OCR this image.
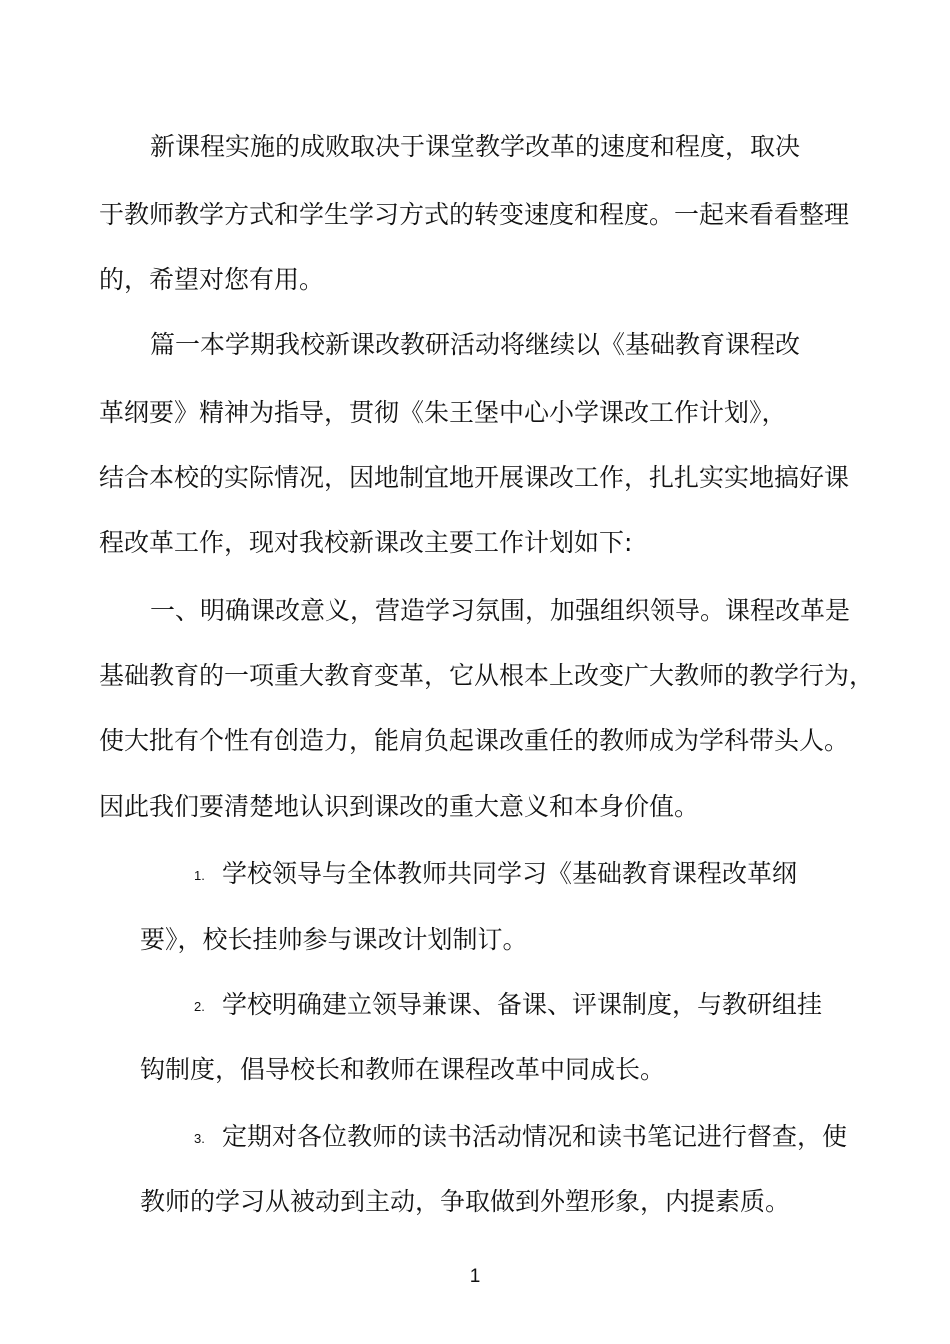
新课程实施的成败取决于课堂教学改革的速度和程度，取决
于教师教学方式和学生学习方式的转变速度和程度。一起来看看整理
的，希望对您有用。
篇一本学期我校新课改教研活动将继续以《基础教育课程改
革纲要》精神为指导，贯彻《朱王堡中心小学课改工作计划》，
结合本校的实际情况，因地制宜地开展课改工作，扎扎实实地搞好课
程改革工作，现对我校新课改主要工作计划如下:
一、明确课改意义，营造学习氛围，加强组织领导。课程改革是
基础教育的一项重大教育变革，它从根本上改变广大教师的教学行为，
使大批有个性有创造力，能肩负起课改重任的教师成为学科带头人。
因此我们要清楚地认识到课改的重大意义和本身价值。
1. 学校领导与全体教师共同学习《基础教育课程改革纲
要》，校长挂帅参与课改计划制订。
2. 学校明确建立领导兼课、备课、评课制度，与教研组挂
钩制度，倡导校长和教师在课程改革中同成长。
3. 定期对各位教师的读书活动情况和读书笔记进行督查，使
教师的学习从被动到主动，争取做到外塑形象，内提素质。
1
